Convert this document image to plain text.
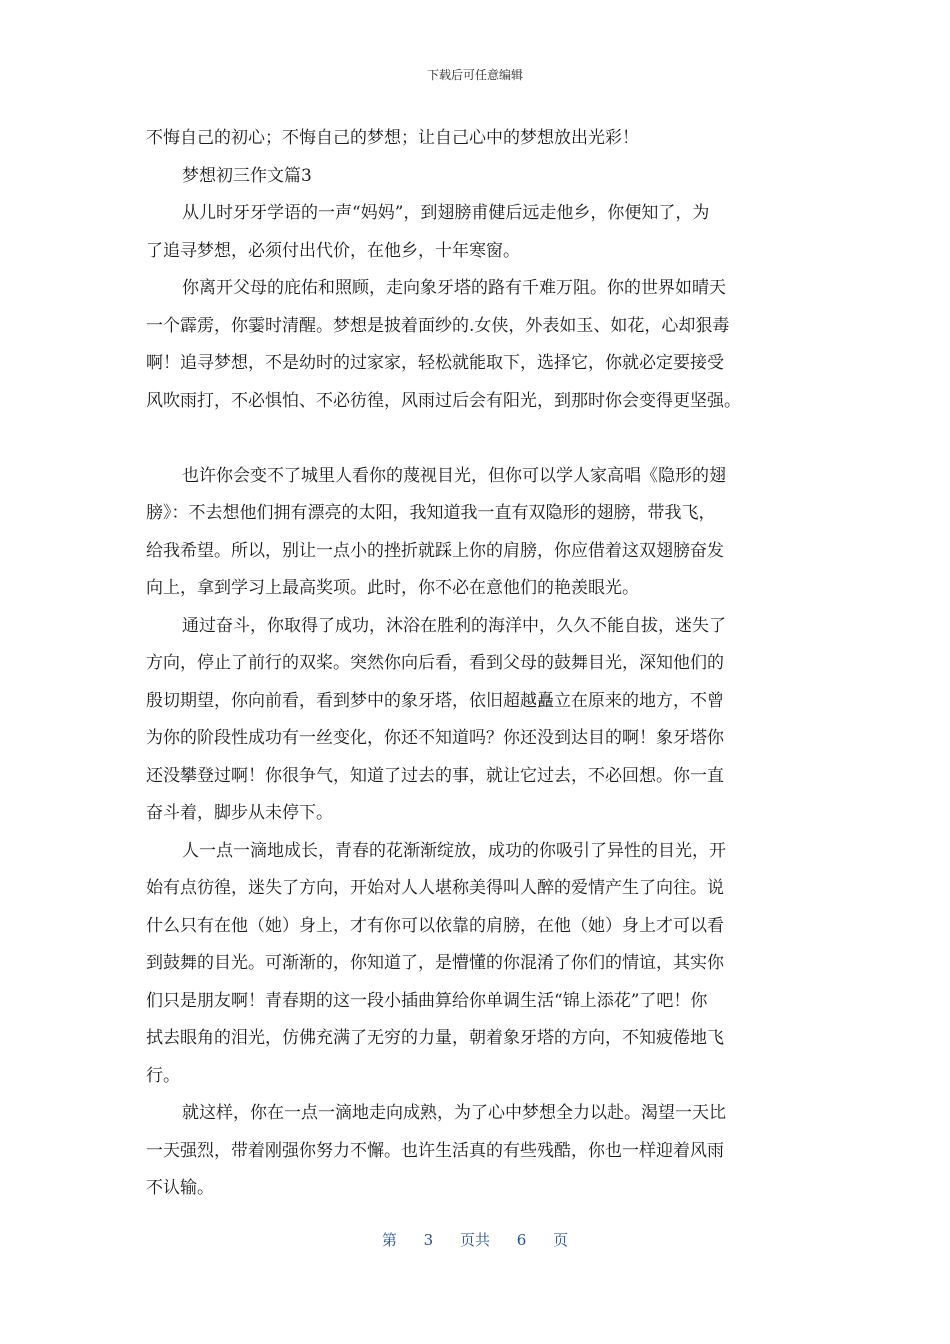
下载后可任意编辑
不悔自己的初心；不悔自己的梦想；让自己心中的梦想放出光彩！
梦想初三作文篇3
从儿时牙牙学语的一声“妈妈”，到翅膀甫健后远走他乡，你便知了，为
了追寻梦想，必须付出代价，在他乡，十年寒窗。
你离开父母的庇佑和照顾，走向象牙塔的路有千难万阻。你的世界如晴天
一个霹雳，你霎时清醒。梦想是披着面纱的.女侠，外表如玉、如花，心却狠毒
啊！追寻梦想，不是幼时的过家家，轻松就能取下，选择它，你就必定要接受
风吹雨打，不必惧怕、不必彷徨，风雨过后会有阳光，到那时你会变得更坚强。
也许你会变不了城里人看你的蔑视目光，但你可以学人家高唱《隐形的翅
膀》：不去想他们拥有漂亮的太阳，我知道我一直有双隐形的翅膀，带我飞，
给我希望。所以，别让一点小的挫折就踩上你的肩膀，你应借着这双翅膀奋发
向上，拿到学习上最高奖项。此时，你不必在意他们的艳羡眼光。
通过奋斗，你取得了成功，沐浴在胜利的海洋中，久久不能自拔，迷失了
方向，停止了前行的双桨。突然你向后看，看到父母的鼓舞目光，深知他们的
殷切期望，你向前看，看到梦中的象牙塔，依旧超越矗立在原来的地方，不曾
为你的阶段性成功有一丝变化，你还不知道吗？你还没到达目的啊！象牙塔你
还没攀登过啊！你很争气，知道了过去的事，就让它过去，不必回想。你一直
奋斗着，脚步从未停下。
人一点一滴地成长，青春的花渐渐绽放，成功的你吸引了异性的目光，开
始有点彷徨，迷失了方向，开始对人人堪称美得叫人醉的爱情产生了向往。说
什么只有在他（她）身上，才有你可以依靠的肩膀，在他（她）身上才可以看
到鼓舞的目光。可渐渐的，你知道了，是懵懂的你混淆了你们的情谊，其实你
们只是朋友啊！青春期的这一段小插曲算给你单调生活“锦上添花”了吧！你
拭去眼角的泪光，仿佛充满了无穷的力量，朝着象牙塔的方向，不知疲倦地飞
行。
就这样，你在一点一滴地走向成熟，为了心中梦想全力以赴。渴望一天比
一天强烈，带着刚强你努力不懈。也许生活真的有些残酷，你也一样迎着风雨
不认输。
第 3 页共 6 页
